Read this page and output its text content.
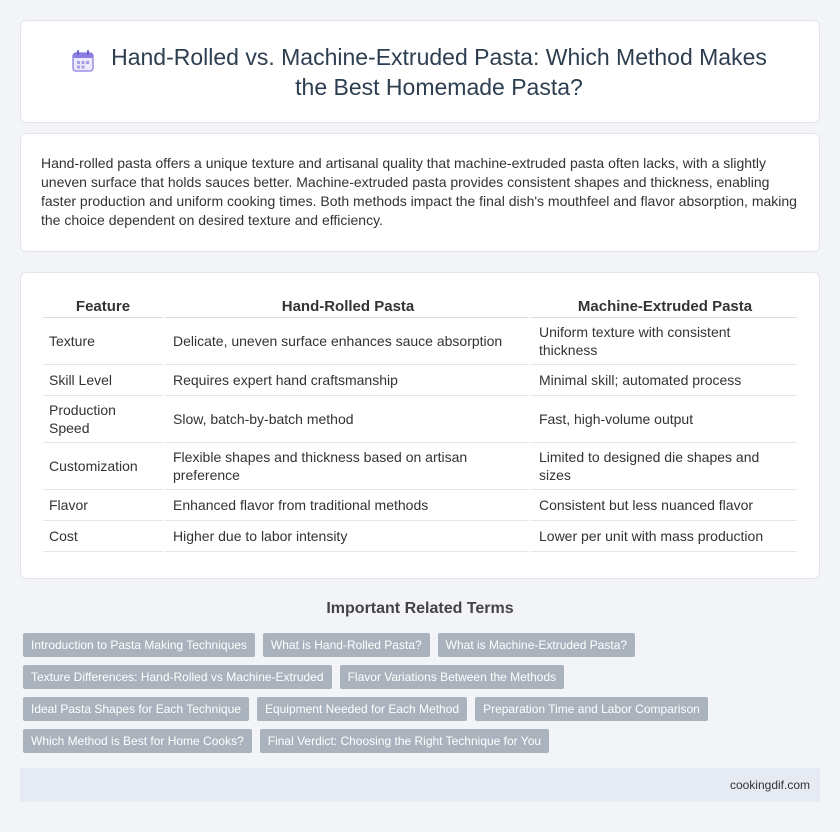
Hand-Rolled vs. Machine-Extruded Pasta: Which Method Makes the Best Homemade Pasta?

Hand-rolled pasta offers a unique texture and artisanal quality that machine-extruded pasta often lacks, with a slightly uneven surface that holds sauces better. Machine-extruded pasta provides consistent shapes and thickness, enabling faster production and uniform cooking times. Both methods impact the final dish's mouthfeel and flavor absorption, making the choice dependent on desired texture and efficiency.

Feature	Hand-Rolled Pasta	Machine-Extruded Pasta
Texture	Delicate, uneven surface enhances sauce absorption	Uniform texture with consistent thickness
Skill Level	Requires expert hand craftsmanship	Minimal skill; automated process
Production Speed	Slow, batch-by-batch method	Fast, high-volume output
Customization	Flexible shapes and thickness based on artisan preference	Limited to designed die shapes and sizes
Flavor	Enhanced flavor from traditional methods	Consistent but less nuanced flavor
Cost	Higher due to labor intensity	Lower per unit with mass production
Important Related Terms
Introduction to Pasta Making Techniques	What is Hand-Rolled Pasta?	What is Machine-Extruded Pasta?
Texture Differences: Hand-Rolled vs Machine-Extruded	Flavor Variations Between the Methods
Ideal Pasta Shapes for Each Technique	Equipment Needed for Each Method	Preparation Time and Labor Comparison
Which Method is Best for Home Cooks?	Final Verdict: Choosing the Right Technique for You
cookingdif.com
